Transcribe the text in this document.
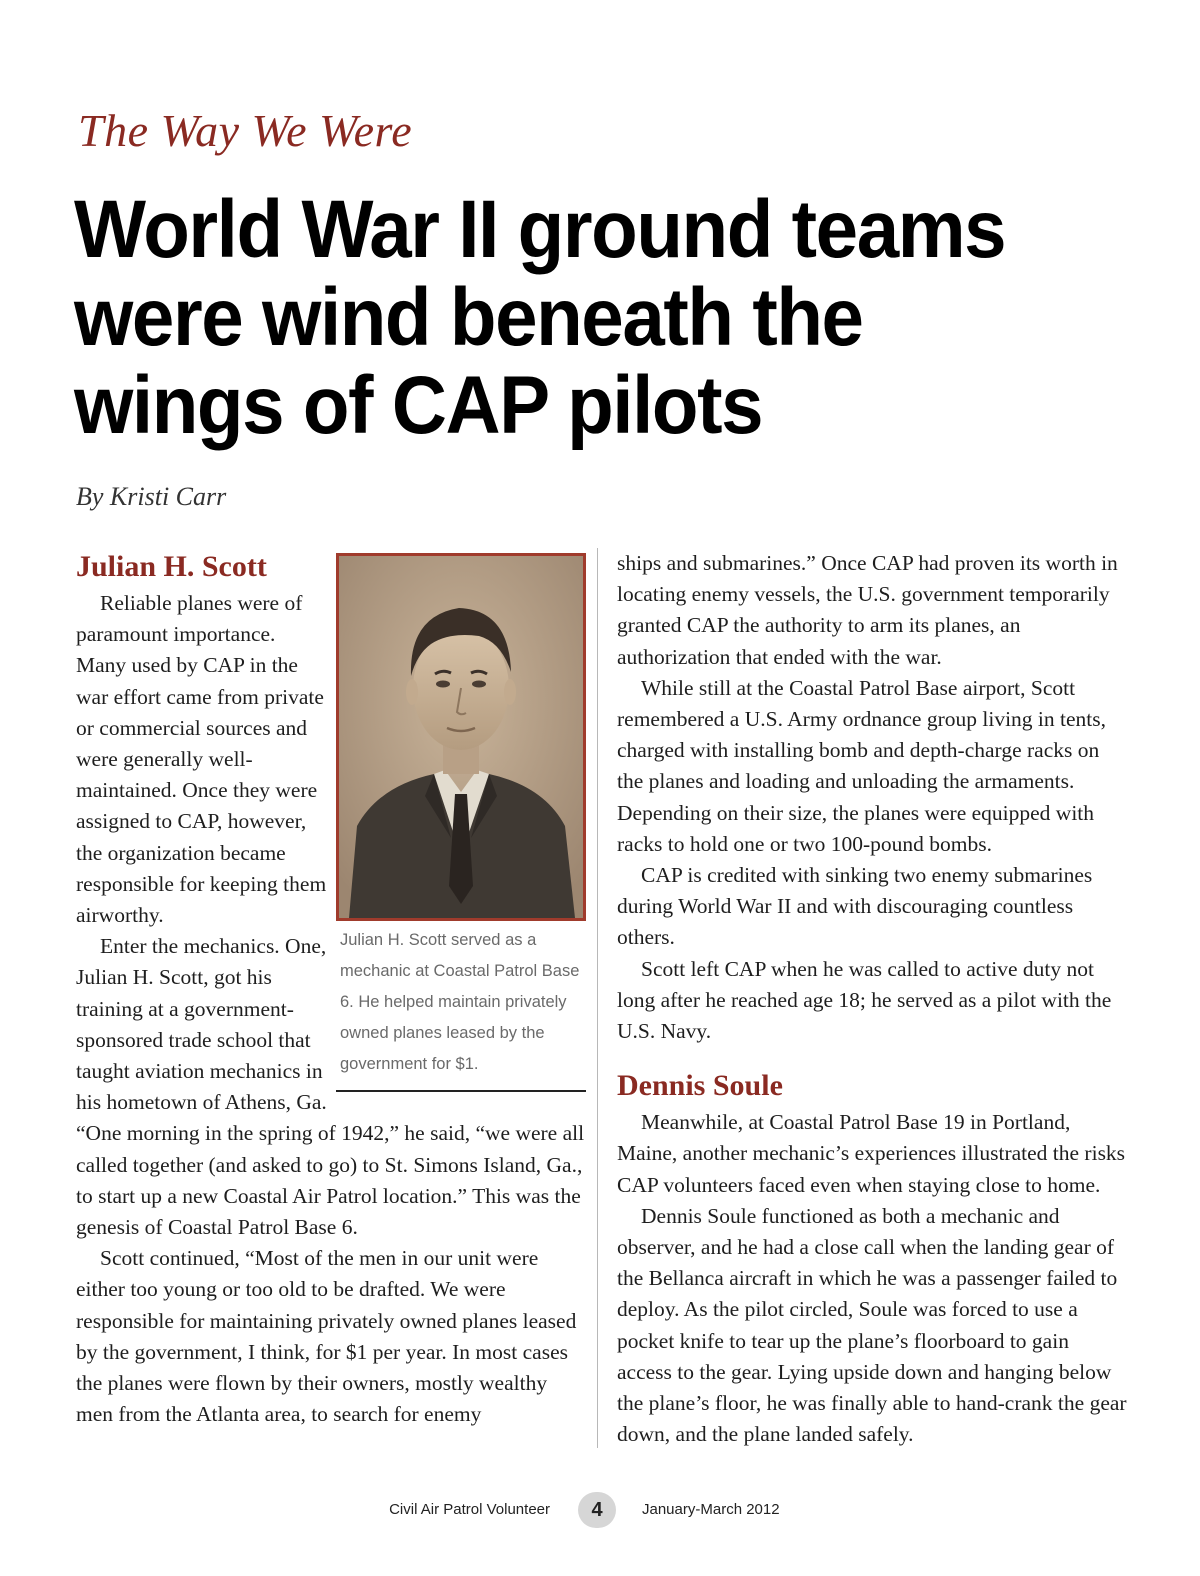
The Way We Were
World War II ground teams
were wind beneath the
wings of CAP pilots

By Kristi Carr

Julian H. Scott served as a mechanic at Coastal Patrol Base 6. He helped maintain privately owned planes leased by the government for $1.
Julian H. Scott

Reliable planes were of paramount importance. Many used by CAP in the war effort came from private or commercial sources and were generally well-maintained. Once they were assigned to CAP, however, the organization became responsible for keeping them airworthy.

Enter the mechanics. One, Julian H. Scott, got his training at a government-sponsored trade school that taught aviation mechanics in his hometown of Athens, Ga. “One morning in the spring of 1942,” he said, “we were all called together (and asked to go) to St. Simons Island, Ga., to start up a new Coastal Air Patrol location.” This was the genesis of Coastal Patrol Base 6.

Scott continued, “Most of the men in our unit were either too young or too old to be drafted. We were responsible for maintaining privately owned planes leased by the government, I think, for $1 per year. In most cases the planes were flown by their owners, mostly wealthy men from the Atlanta area, to search for enemy

ships and submarines.” Once CAP had proven its worth in locating enemy vessels, the U.S. government temporarily granted CAP the authority to arm its planes, an authorization that ended with the war.

While still at the Coastal Patrol Base airport, Scott remembered a U.S. Army ordnance group living in tents, charged with installing bomb and depth-charge racks on the planes and loading and unloading the armaments. Depending on their size, the planes were equipped with racks to hold one or two 100-pound bombs.

CAP is credited with sinking two enemy submarines during World War II and with discouraging countless others.

Scott left CAP when he was called to active duty not long after he reached age 18; he served as a pilot with the U.S. Navy.

Dennis Soule

Meanwhile, at Coastal Patrol Base 19 in Portland, Maine, another mechanic’s experiences illustrated the risks CAP volunteers faced even when staying close to home.

Dennis Soule functioned as both a mechanic and observer, and he had a close call when the landing gear of the Bellanca aircraft in which he was a passenger failed to deploy. As the pilot circled, Soule was forced to use a pocket knife to tear up the plane’s floorboard to gain access to the gear. Lying upside down and hanging below the plane’s floor, he was finally able to hand-crank the gear down, and the plane landed safely.

Civil Air Patrol Volunteer	4	January-March 2012
